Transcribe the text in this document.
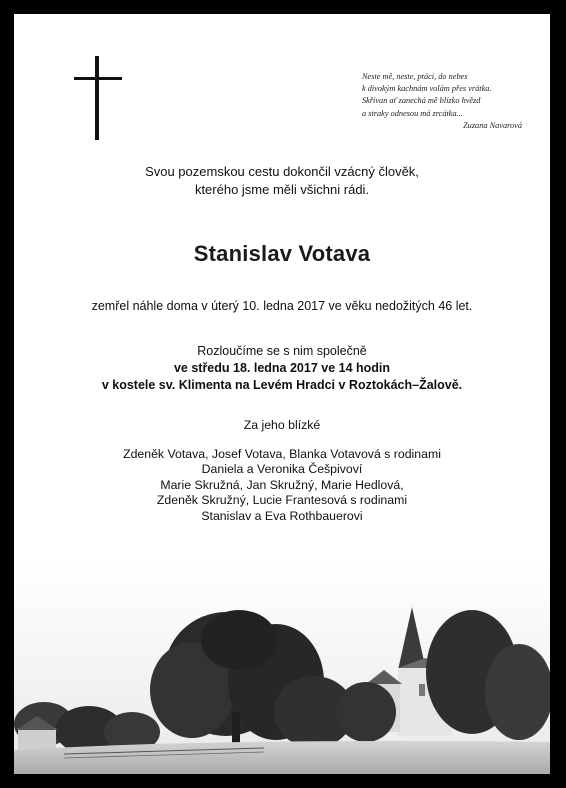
Neste mě, neste, ptáci, do nebes
k divokým kachnám volám přes vrátka.
Skřivan ať zanechá mě blízko hvězd
a straky odnesou má zrcátka...
Zuzana Navarová
Svou pozemskou cestu dokončil vzácný člověk,
kterého jsme měli všichni rádi.
Stanislav Votava
zemřel náhle doma v úterý 10. ledna 2017 ve věku nedožitých 46 let.
Rozloučíme se s nim společně
ve středu 18. ledna 2017 ve 14 hodin
v kostele sv. Klimenta na Levém Hradci v Roztokách–Žalově.
Za jeho blízké
Zdeněk Votava, Josef Votava, Blanka Votavová s rodinami
Daniela a Veronika Češpivoví
Marie Skružná, Jan Skružný, Marie Hedlová,
Zdeněk Skružný, Lucie Frantesová s rodinami
Stanislav a Eva Rothbauerovi
